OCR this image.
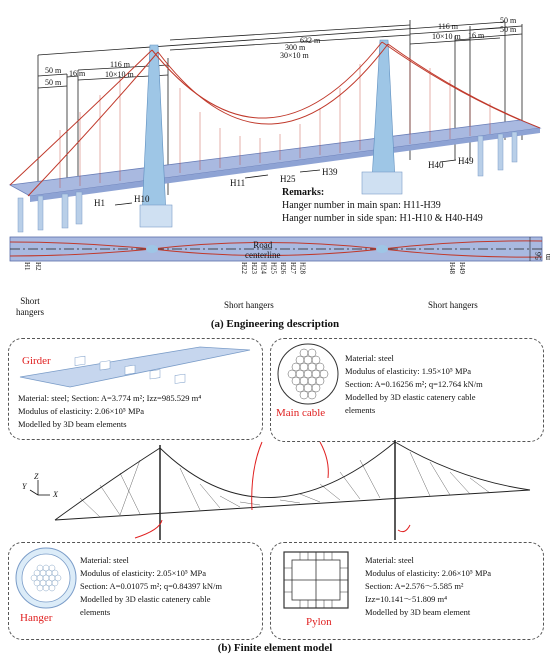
632 m
300 m
30×10 m
50 m
50 m
16 m
116 m
10×10 m
116 m
10×10 m 16 m
50 m
50 m
56 m
H1	H10
H11	H25
H39
H40 H49
Remarks:
Hanger number in main span: H11-H39
Hanger number in side span: H1-H10 & H40-H49
Road
centerline
H1 H2	H22 H23 H24 H25 H26 H27 H28	H48 H49
Short
hangers
Short hangers	Short hangers
(a) Engineering description
Girder
Material: steel; Section: A=3.774 m²; Izz=985.529 m⁴
Modulus of elasticity: 2.06×10⁵ MPa
Modelled by 3D beam elements
Main cable
Material: steel
Modulus of elasticity: 1.95×10⁵ MPa
Section: A=0.16256 m²; q=12.764 kN/m
Modelled by 3D elastic catenery cable
elements
Z
Y
X
Hanger
Material: steel
Modulus of elasticity: 2.05×10⁵ MPa
Section: A=0.01075 m²; q=0.84397 kN/m
Modelled by 3D elastic catenery cable
elements
Pylon
Material: steel
Modulus of elasticity: 2.06×10⁵ MPa
Section: A=2.576～5.585 m²
Izz=10.141～51.809 m⁴
Modelled by 3D beam element
(b) Finite element model
